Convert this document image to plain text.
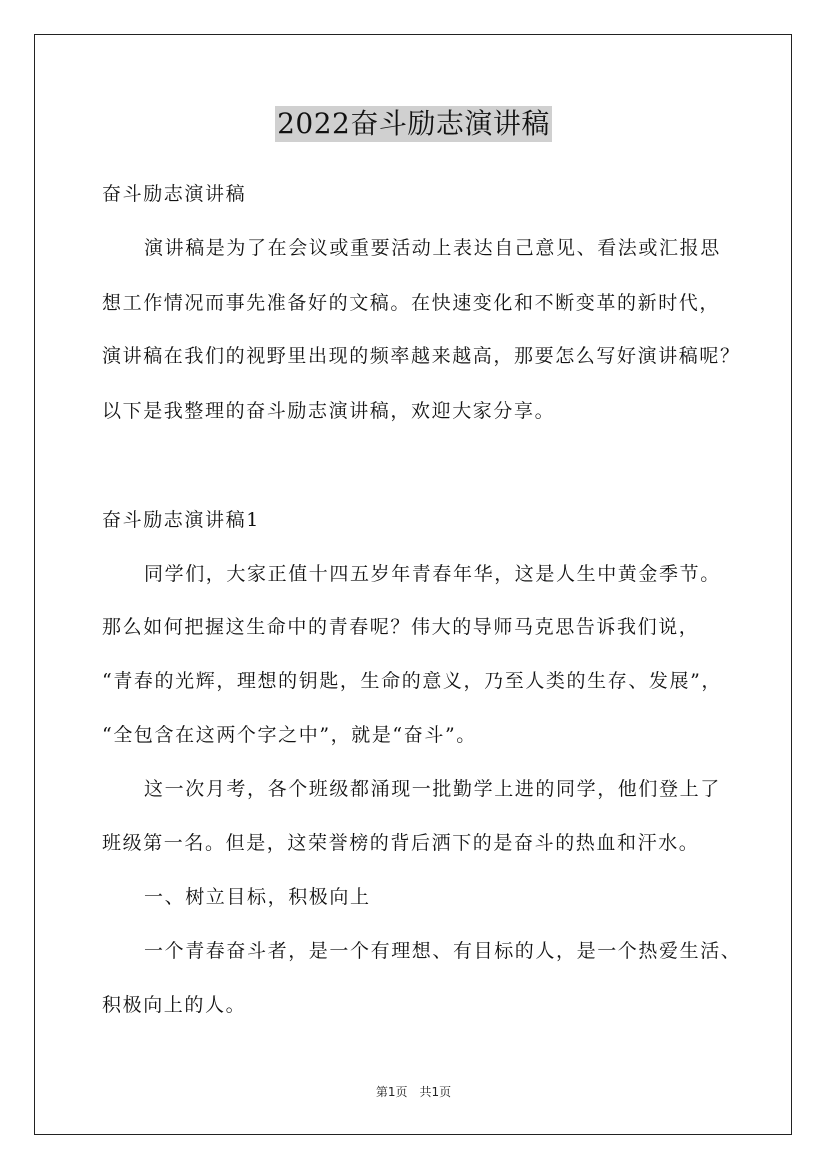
2022奋斗励志演讲稿
奋斗励志演讲稿
演讲稿是为了在会议或重要活动上表达自己意见、看法或汇报思
想工作情况而事先准备好的文稿。在快速变化和不断变革的新时代，
演讲稿在我们的视野里出现的频率越来越高，那要怎么写好演讲稿呢？
以下是我整理的奋斗励志演讲稿，欢迎大家分享。
奋斗励志演讲稿1
同学们，大家正值十四五岁年青春年华，这是人生中黄金季节。
那么如何把握这生命中的青春呢？伟大的导师马克思告诉我们说，
“青春的光辉，理想的钥匙，生命的意义，乃至人类的生存、发展”，
“全包含在这两个字之中”，就是“奋斗”。
这一次月考，各个班级都涌现一批勤学上进的同学，他们登上了
班级第一名。但是，这荣誉榜的背后洒下的是奋斗的热血和汗水。
一、树立目标，积极向上
一个青春奋斗者，是一个有理想、有目标的人，是一个热爱生活、
积极向上的人。
第1页 共1页
